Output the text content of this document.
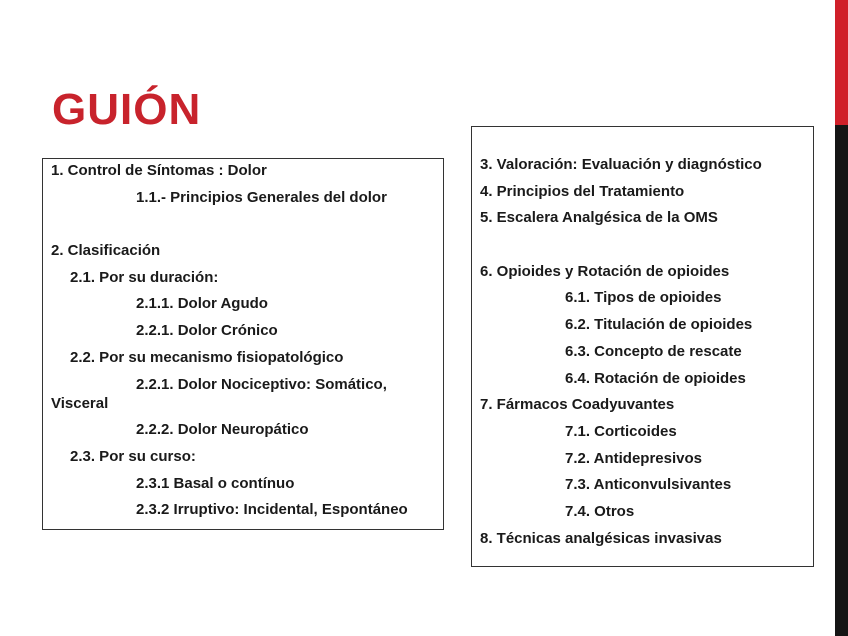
GUIÓN
1. Control de Síntomas : Dolor
1.1.- Principios Generales del dolor
2. Clasificación
2.1. Por su duración:
2.1.1. Dolor Agudo
2.2.1. Dolor Crónico
2.2. Por su mecanismo fisiopatológico
2.2.1. Dolor Nociceptivo: Somático,
Visceral
2.2.2. Dolor Neuropático
2.3. Por su curso:
2.3.1 Basal o contínuo
2.3.2 Irruptivo: Incidental, Espontáneo
3. Valoración: Evaluación y diagnóstico
4. Principios del Tratamiento
5. Escalera Analgésica de la OMS
6. Opioides y Rotación de opioides
6.1. Tipos de opioides
6.2. Titulación de opioides
6.3. Concepto de rescate
6.4. Rotación de opioides
7. Fármacos Coadyuvantes
7.1. Corticoides
7.2. Antidepresivos
7.3. Anticonvulsivantes
7.4. Otros
8. Técnicas analgésicas invasivas
